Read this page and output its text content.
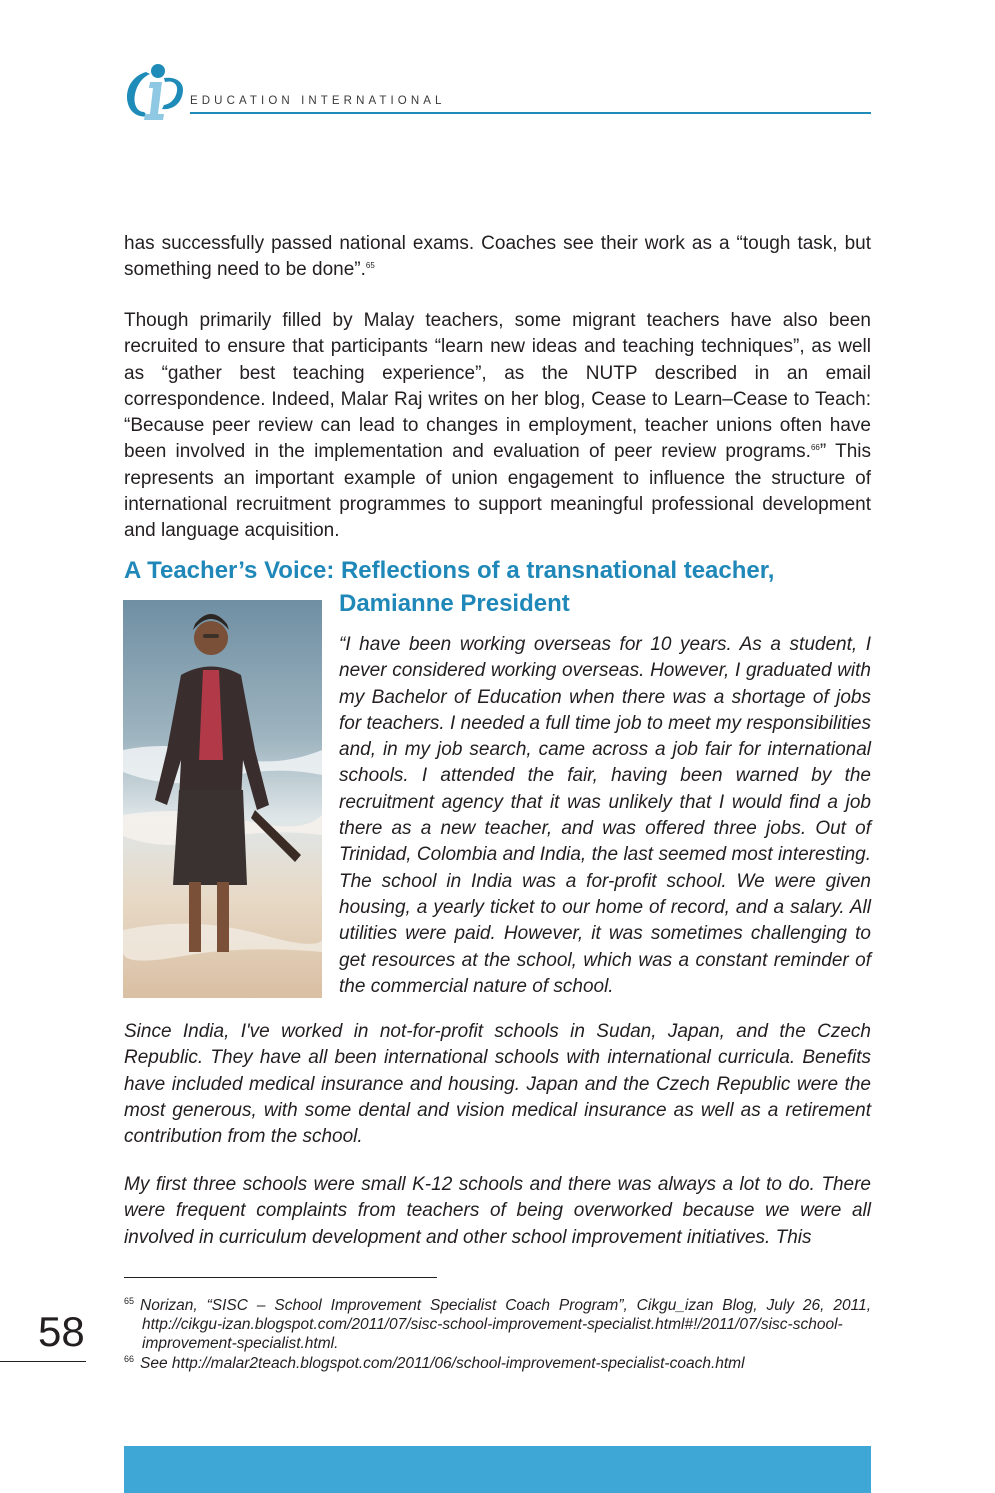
EDUCATION INTERNATIONAL

has successfully passed national exams. Coaches see their work as a “tough task, but something need to be done”.$^{65}$

Though primarily filled by Malay teachers, some migrant teachers have also been recruited to ensure that participants “learn new ideas and teaching techniques”, as well as “gather best teaching experience”, as the NUTP described in an email correspondence. Indeed, Malar Raj writes on her blog, Cease to Learn–Cease to Teach: “Because peer review can lead to changes in employment, teacher unions often have been involved in the implementation and evaluation of peer review programs.$^{66}$” This represents an important example of union engagement to influence the structure of international recruitment programmes to support meaningful professional development and language acquisition.

A Teacher’s Voice: Reflections of a transnational teacher,
Damianne President

“I have been working overseas for 10 years. As a student, I never considered working overseas. However, I graduated with my Bachelor of Education when there was a shortage of jobs for teachers. I needed a full time job to meet my responsibilities and, in my job search, came across a job fair for international schools. I attended the fair, having been warned by the recruitment agency that it was unlikely that I would find a job there as a new teacher, and was offered three jobs. Out of Trinidad, Colombia and India, the last seemed most interesting. The school in India was a for-profit school. We were given housing, a yearly ticket to our home of record, and a salary. All utilities were paid. However, it was sometimes challenging to get resources at the school, which was a constant reminder of the commercial nature of school.

Since India, I've worked in not-for-profit schools in Sudan, Japan, and the Czech Republic. They have all been international schools with international curricula. Benefits have included medical insurance and housing. Japan and the Czech Republic were the most generous, with some dental and vision medical insurance as well as a retirement contribution from the school.

My first three schools were small K-12 schools and there was always a lot to do. There were frequent complaints from teachers of being overworked because we were all involved in curriculum development and other school improvement initiatives. This

$^{65}$ Norizan, “SISC – School Improvement Specialist Coach Program”, Cikgu_izan Blog, July 26, 2011, http://cikgu-izan.blogspot.com/2011/07/sisc-school-improvement-specialist.html#!/2011/07/sisc-school-improvement-specialist.html.

$^{66}$ See http://malar2teach.blogspot.com/2011/06/school-improvement-specialist-coach.html

58
